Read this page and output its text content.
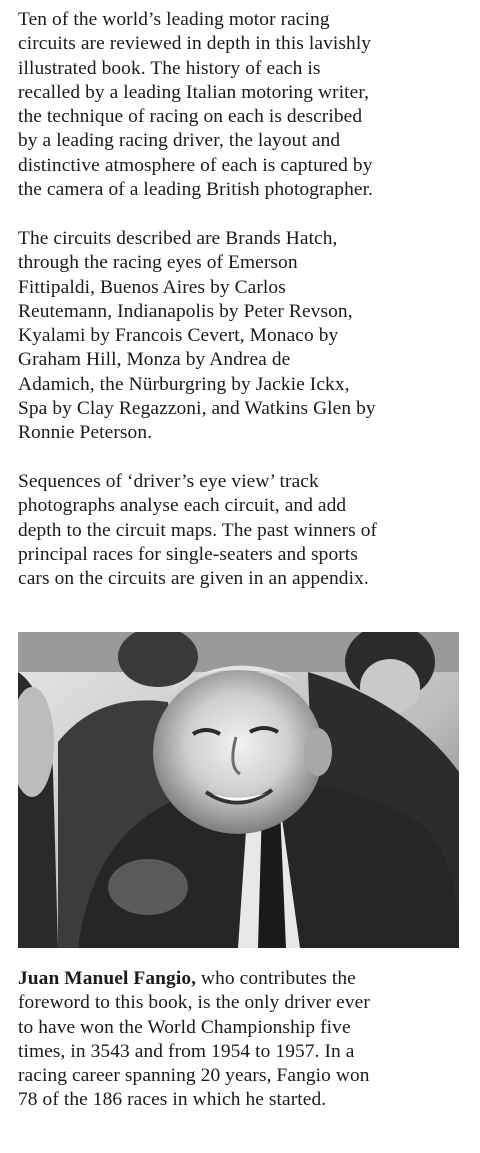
Ten of the world’s leading motor racing
circuits are reviewed in depth in this lavishly
illustrated book. The history of each is
recalled by a leading Italian motoring writer,
the technique of racing on each is described
by a leading racing driver, the layout and
distinctive atmosphere of each is captured by
the camera of a leading British photographer.

The circuits described are Brands Hatch,
through the racing eyes of Emerson
Fittipaldi, Buenos Aires by Carlos
Reutemann, Indianapolis by Peter Revson,
Kyalami by Francois Cevert, Monaco by
Graham Hill, Monza by Andrea de
Adamich, the Nürburgring by Jackie Ickx,
Spa by Clay Regazzoni, and Watkins Glen by
Ronnie Peterson.

Sequences of ‘driver’s eye view’ track
photographs analyse each circuit, and add
depth to the circuit maps. The past winners of
principal races for single-seaters and sports
cars on the circuits are given in an appendix.

Juan Manuel Fangio, who contributes the
foreword to this book, is the only driver ever
to have won the World Championship five
times, in 3543 and from 1954 to 1957. In a
racing career spanning 20 years, Fangio won
78 of the 186 races in which he started.
